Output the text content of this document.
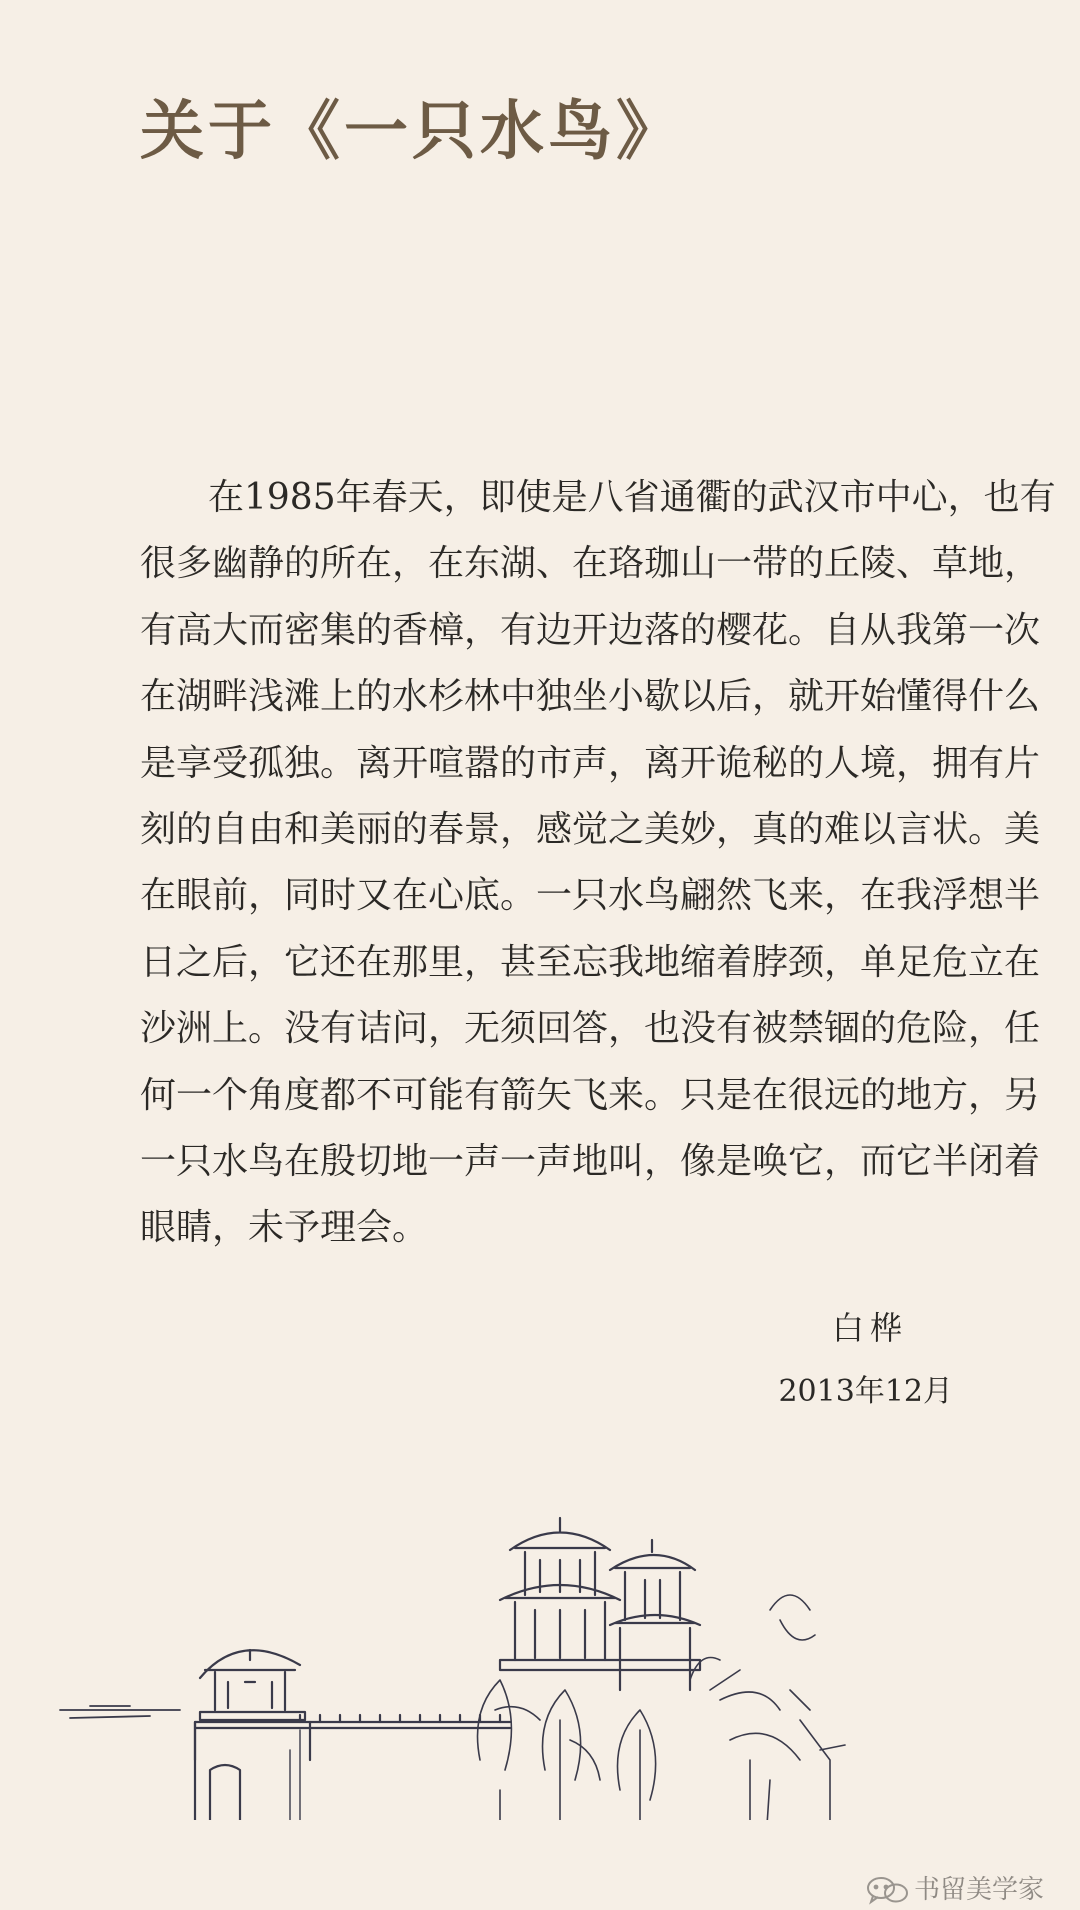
关于《一只水鸟》
在1985年春天，即使是八省通衢的武汉市中心，也有
很多幽静的所在，在东湖、在珞珈山一带的丘陵、草地，
有高大而密集的香樟，有边开边落的樱花。自从我第一次
在湖畔浅滩上的水杉林中独坐小歇以后，就开始懂得什么
是享受孤独。离开喧嚣的市声，离开诡秘的人境，拥有片
刻的自由和美丽的春景，感觉之美妙，真的难以言状。美
在眼前，同时又在心底。一只水鸟翩然飞来，在我浮想半
日之后，它还在那里，甚至忘我地缩着脖颈，单足危立在
沙洲上。没有诘问，无须回答，也没有被禁锢的危险，任
何一个角度都不可能有箭矢飞来。只是在很远的地方，另
一只水鸟在殷切地一声一声地叫，像是唤它，而它半闭着
眼睛，未予理会。
白桦
2013年12月
书留美学家
